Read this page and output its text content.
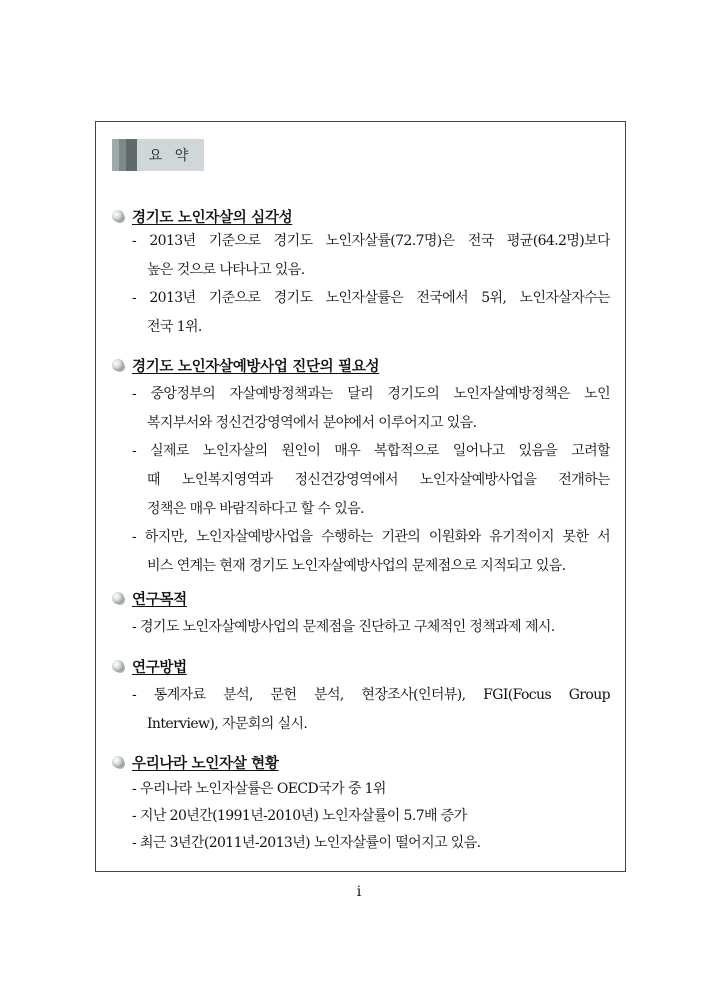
요 약
경기도 노인자살의 심각성
- 2013년 기준으로 경기도 노인자살률(72.7명)은 전국 평균(64.2명)보다
높은 것으로 나타나고 있음.
- 2013년 기준으로 경기도 노인자살률은 전국에서 5위, 노인자살자수는
전국 1위.
경기도 노인자살예방사업 진단의 필요성
- 중앙정부의 자살예방정책과는 달리 경기도의 노인자살예방정책은 노인
복지부서와 정신건강영역에서 분야에서 이루어지고 있음.
- 실제로 노인자살의 원인이 매우 복합적으로 일어나고 있음을 고려할
때 노인복지영역과 정신건강영역에서 노인자살예방사업을 전개하는
정책은 매우 바람직하다고 할 수 있음.
- 하지만, 노인자살예방사업을 수행하는 기관의 이원화와 유기적이지 못한 서
비스 연계는 현재 경기도 노인자살예방사업의 문제점으로 지적되고 있음.
연구목적
- 경기도 노인자살예방사업의 문제점을 진단하고 구체적인 정책과제 제시.
연구방법
- 통계자료 분석, 문헌 분석, 현장조사(인터뷰), FGI(Focus Group
Interview), 자문회의 실시.
우리나라 노인자살 현황
- 우리나라 노인자살률은 OECD국가 중 1위
- 지난 20년간(1991년-2010년) 노인자살률이 5.7배 증가
- 최근 3년간(2011년-2013년) 노인자살률이 떨어지고 있음.
i
